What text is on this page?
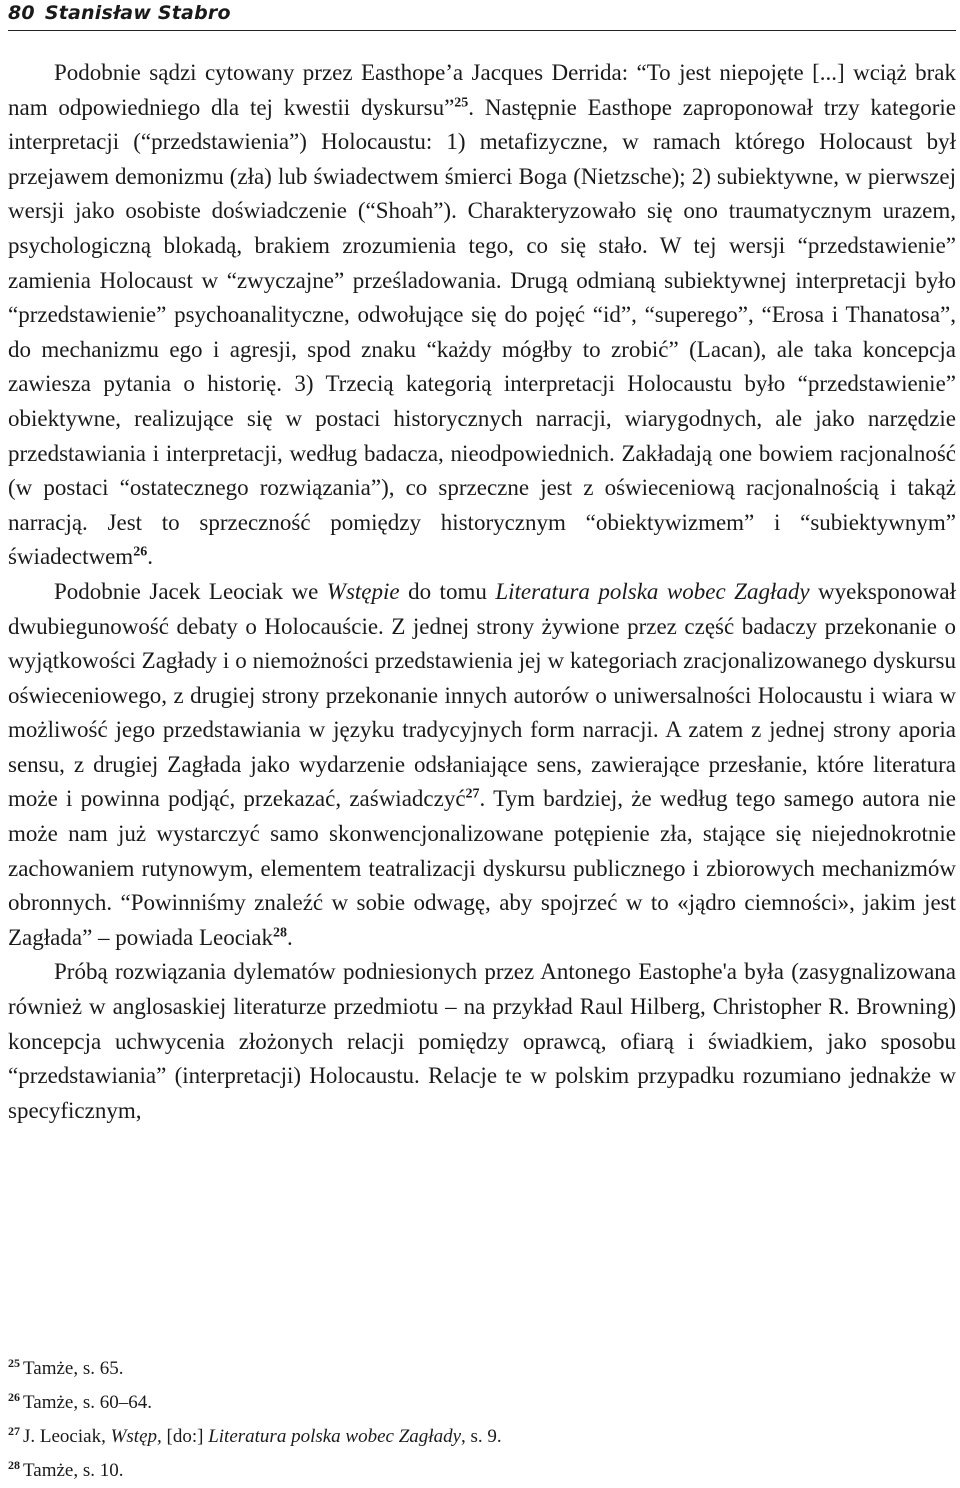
80 Stanisław Stabro

Podobnie sądzi cytowany przez Easthope’a Jacques Derrida: “To jest niepojęte [...] wciąż brak nam odpowiedniego dla tej kwestii dyskursu”$^{25}$. Następnie Easthope zaproponował trzy kategorie interpretacji (“przedstawienia”) Holocaustu: 1) metafizyczne, w ramach którego Holocaust był przejawem demonizmu (zła) lub świadectwem śmierci Boga (Nietzsche); 2) subiektywne, w pierwszej wersji jako osobiste doświadczenie (“Shoah”). Charakteryzowało się ono traumatycznym urazem, psychologiczną blokadą, brakiem zrozumienia tego, co się stało. W tej wersji “przedstawienie” zamienia Holocaust w “zwyczajne” prześladowania. Drugą odmianą subiektywnej interpretacji było “przedstawienie” psychoanalityczne, odwołujące się do pojęć “id”, “superego”, “Erosa i Thanatosa”, do mechanizmu ego i agresji, spod znaku “każdy mógłby to zrobić” (Lacan), ale taka koncepcja zawiesza pytania o historię. 3) Trzecią kategorią interpretacji Holocaustu było “przedstawienie” obiektywne, realizujące się w postaci historycznych narracji, wiarygodnych, ale jako narzędzie przedstawiania i interpretacji, według badacza, nieodpowiednich. Zakładają one bowiem racjonalność (w postaci “ostatecznego rozwiązania”), co sprzeczne jest z oświeceniową racjonalnością i takąż narracją. Jest to sprzeczność pomiędzy historycznym “obiektywizmem” i “subiektywnym” świadectwem$^{26}$.

Podobnie Jacek Leociak we Wstępie do tomu Literatura polska wobec Zagłady wyeksponował dwubiegunowość debaty o Holocauście. Z jednej strony żywione przez część badaczy przekonanie o wyjątkowości Zagłady i o niemożności przedstawienia jej w kategoriach zracjonalizowanego dyskursu oświeceniowego, z drugiej strony przekonanie innych autorów o uniwersalności Holocaustu i wiara w możliwość jego przedstawiania w języku tradycyjnych form narracji. A zatem z jednej strony aporia sensu, z drugiej Zagłada jako wydarzenie odsłaniające sens, zawierające przesłanie, które literatura może i powinna podjąć, przekazać, zaświadczyć$^{27}$. Tym bardziej, że według tego samego autora nie może nam już wystarczyć samo skonwencjonalizowane potępienie zła, stające się niejednokrotnie zachowaniem rutynowym, elementem teatralizacji dyskursu publicznego i zbiorowych mechanizmów obronnych. “Powinniśmy znaleźć w sobie odwagę, aby spojrzeć w to «jądro ciemności», jakim jest Zagłada” – powiada Leociak$^{28}$.

Próbą rozwiązania dylematów podniesionych przez Antonego Eastophe'a była (zasygnalizowana również w anglosaskiej literaturze przedmiotu – na przykład Raul Hilberg, Christopher R. Browning) koncepcja uchwycenia złożonych relacji pomiędzy oprawcą, ofiarą i świadkiem, jako sposobu “przedstawiania” (interpretacji) Holocaustu. Relacje te w polskim przypadku rozumiano jednakże w specyficznym,

$^{25}$ Tamże, s. 65.

$^{26}$ Tamże, s. 60–64.

$^{27}$ J. Leociak, Wstęp, [do:] Literatura polska wobec Zagłady, s. 9.

$^{28}$ Tamże, s. 10.
